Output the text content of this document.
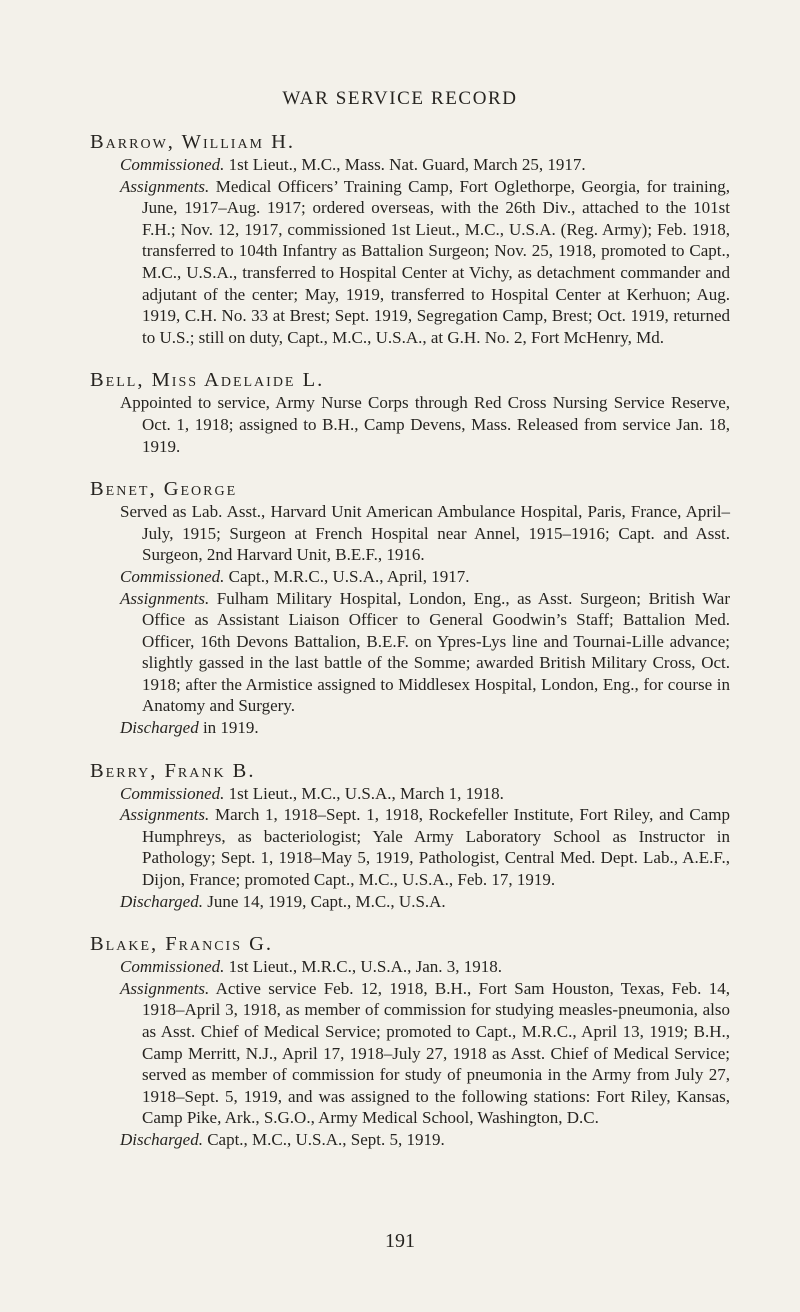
WAR SERVICE RECORD

Barrow, William H.

Commissioned. 1st Lieut., M.C., Mass. Nat. Guard, March 25, 1917.

Assignments. Medical Officers’ Training Camp, Fort Oglethorpe, Georgia, for training, June, 1917–Aug. 1917; ordered overseas, with the 26th Div., attached to the 101st F.H.; Nov. 12, 1917, commissioned 1st Lieut., M.C., U.S.A. (Reg. Army); Feb. 1918, transferred to 104th Infantry as Battalion Surgeon; Nov. 25, 1918, promoted to Capt., M.C., U.S.A., transferred to Hospital Center at Vichy, as detachment commander and adjutant of the center; May, 1919, transferred to Hospital Center at Kerhuon; Aug. 1919, C.H. No. 33 at Brest; Sept. 1919, Segregation Camp, Brest; Oct. 1919, returned to U.S.; still on duty, Capt., M.C., U.S.A., at G.H. No. 2, Fort McHenry, Md.

Bell, Miss Adelaide L.

Appointed to service, Army Nurse Corps through Red Cross Nursing Service Reserve, Oct. 1, 1918; assigned to B.H., Camp Devens, Mass. Released from service Jan. 18, 1919.

Benet, George

Served as Lab. Asst., Harvard Unit American Ambulance Hospital, Paris, France, April–July, 1915; Surgeon at French Hospital near Annel, 1915–1916; Capt. and Asst. Surgeon, 2nd Harvard Unit, B.E.F., 1916.

Commissioned. Capt., M.R.C., U.S.A., April, 1917.

Assignments. Fulham Military Hospital, London, Eng., as Asst. Surgeon; British War Office as Assistant Liaison Officer to General Goodwin’s Staff; Battalion Med. Officer, 16th Devons Battalion, B.E.F. on Ypres-Lys line and Tournai-Lille advance; slightly gassed in the last battle of the Somme; awarded British Military Cross, Oct. 1918; after the Armistice assigned to Middlesex Hospital, London, Eng., for course in Anatomy and Surgery.

Discharged in 1919.

Berry, Frank B.

Commissioned. 1st Lieut., M.C., U.S.A., March 1, 1918.

Assignments. March 1, 1918–Sept. 1, 1918, Rockefeller Institute, Fort Riley, and Camp Humphreys, as bacteriologist; Yale Army Laboratory School as Instructor in Pathology; Sept. 1, 1918–May 5, 1919, Pathologist, Central Med. Dept. Lab., A.E.F., Dijon, France; promoted Capt., M.C., U.S.A., Feb. 17, 1919.

Discharged. June 14, 1919, Capt., M.C., U.S.A.

Blake, Francis G.

Commissioned. 1st Lieut., M.R.C., U.S.A., Jan. 3, 1918.

Assignments. Active service Feb. 12, 1918, B.H., Fort Sam Houston, Texas, Feb. 14, 1918–April 3, 1918, as member of commission for studying measles-pneumonia, also as Asst. Chief of Medical Service; promoted to Capt., M.R.C., April 13, 1919; B.H., Camp Merritt, N.J., April 17, 1918–July 27, 1918 as Asst. Chief of Medical Service; served as member of commission for study of pneumonia in the Army from July 27, 1918–Sept. 5, 1919, and was assigned to the following stations: Fort Riley, Kansas, Camp Pike, Ark., S.G.O., Army Medical School, Washington, D.C.

Discharged. Capt., M.C., U.S.A., Sept. 5, 1919.

191
